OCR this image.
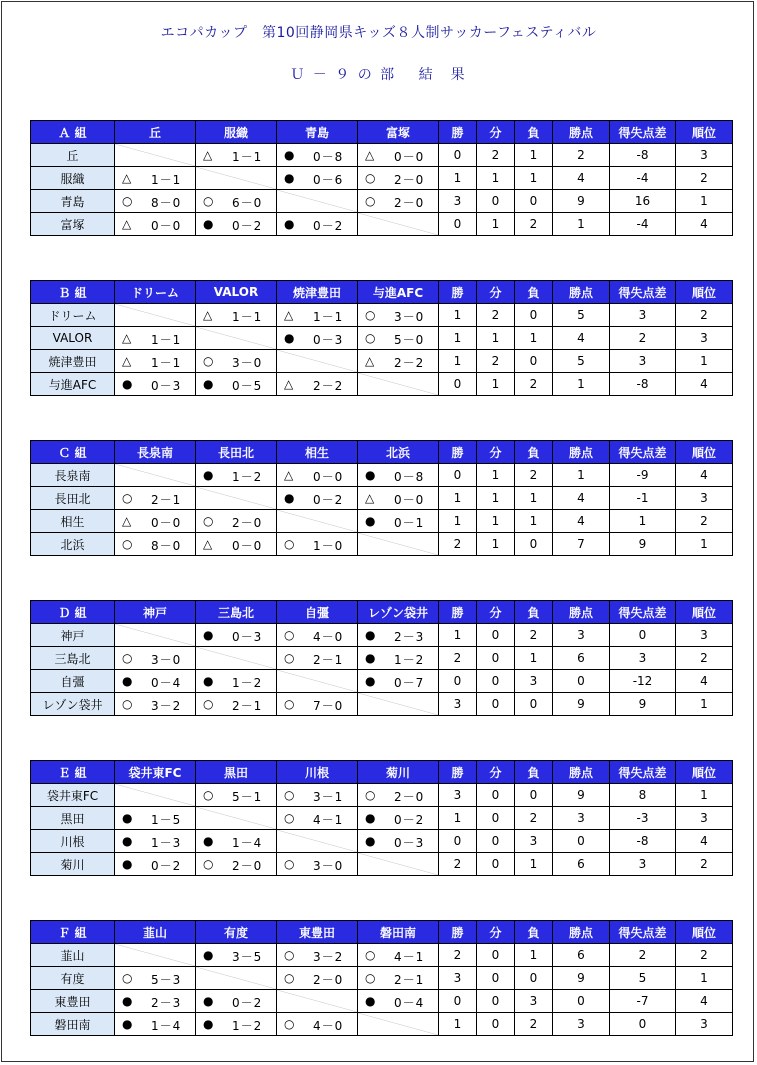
エコパカップ　第10回静岡県キッズ８人制サッカーフェスティバル
Ｕ － ９ の 部　 結　果
Ａ 組	丘	服織	青島	富塚	勝	分	負	勝点	得失点差	順位
丘		△ 1－1	● 0－8	△ 0－0	0	2	1	2	-8	3
服織	△ 1－1		● 0－6	○ 2－0	1	1	1	4	-4	2
青島	○ 8－0	○ 6－0		○ 2－0	3	0	0	9	16	1
富塚	△ 0－0	● 0－2	● 0－2		0	1	2	1	-4	4
Ｂ 組	ドリーム	VALOR	焼津豊田	与進AFC	勝	分	負	勝点	得失点差	順位
ドリーム		△ 1－1	△ 1－1	○ 3－0	1	2	0	5	3	2
VALOR	△ 1－1		● 0－3	○ 5－0	1	1	1	4	2	3
焼津豊田	△ 1－1	○ 3－0		△ 2－2	1	2	0	5	3	1
与進AFC	● 0－3	● 0－5	△ 2－2		0	1	2	1	-8	4
Ｃ 組	長泉南	長田北	相生	北浜	勝	分	負	勝点	得失点差	順位
長泉南		● 1－2	△ 0－0	● 0－8	0	1	2	1	-9	4
長田北	○ 2－1		● 0－2	△ 0－0	1	1	1	4	-1	3
相生	△ 0－0	○ 2－0		● 0－1	1	1	1	4	1	2
北浜	○ 8－0	△ 0－0	○ 1－0		2	1	0	7	9	1
Ｄ 組	神戸	三島北	自彊	レゾン袋井	勝	分	負	勝点	得失点差	順位
神戸		● 0－3	○ 4－0	● 2－3	1	0	2	3	0	3
三島北	○ 3－0		○ 2－1	● 1－2	2	0	1	6	3	2
自彊	● 0－4	● 1－2		● 0－7	0	0	3	0	-12	4
レゾン袋井	○ 3－2	○ 2－1	○ 7－0		3	0	0	9	9	1
Ｅ 組	袋井東FC	黒田	川根	菊川	勝	分	負	勝点	得失点差	順位
袋井東FC		○ 5－1	○ 3－1	○ 2－0	3	0	0	9	8	1
黒田	● 1－5		○ 4－1	● 0－2	1	0	2	3	-3	3
川根	● 1－3	● 1－4		● 0－3	0	0	3	0	-8	4
菊川	● 0－2	○ 2－0	○ 3－0		2	0	1	6	3	2
Ｆ 組	韮山	有度	東豊田	磐田南	勝	分	負	勝点	得失点差	順位
韮山		● 3－5	○ 3－2	○ 4－1	2	0	1	6	2	2
有度	○ 5－3		○ 2－0	○ 2－1	3	0	0	9	5	1
東豊田	● 2－3	● 0－2		● 0－4	0	0	3	0	-7	4
磐田南	● 1－4	● 1－2	○ 4－0		1	0	2	3	0	3
